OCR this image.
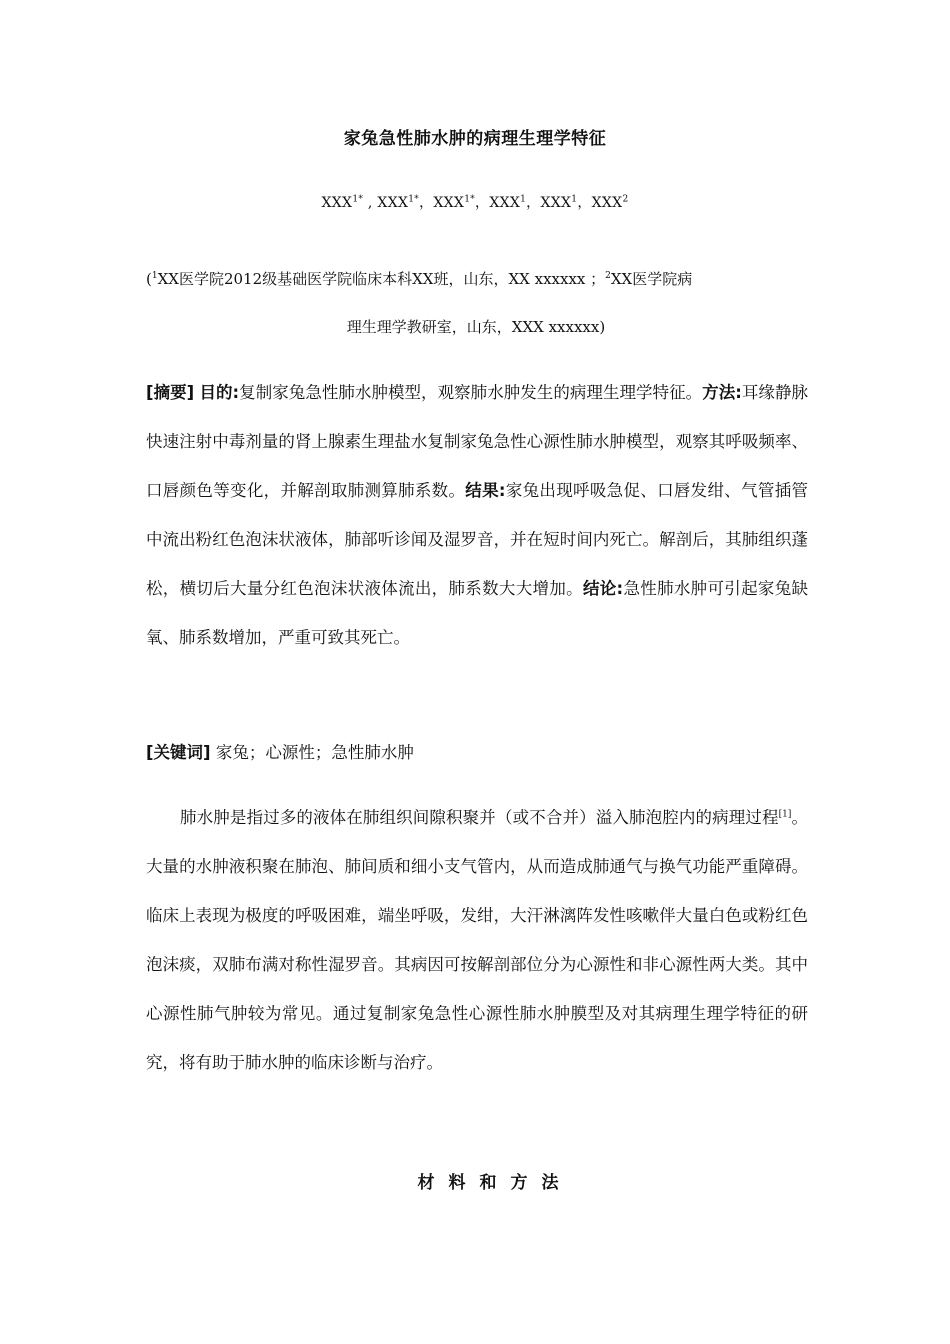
家兔急性肺水肿的病理生理学特征
$XXX^{1*}$ , $XXX^{1*}$，$XXX^{1*}$，XXX$^1$，XXX$^1$，XXX$^2$
($^1$XX医学院2012级基础医学院临床本科XX班，山东，XX xxxxxx ；$^2$XX医学院病
理生理学教研室，山东，XXX xxxxxx)
[摘要] 目的:复制家兔急性肺水肿模型，观察肺水肿发生的病理生理学特征。方法:耳缘静脉快速注射中毒剂量的肾上腺素生理盐水复制家兔急性心源性肺水肿模型，观察其呼吸频率、口唇颜色等变化，并解剖取肺测算肺系数。结果:家兔出现呼吸急促、口唇发绀、气管插管中流出粉红色泡沫状液体，肺部听诊闻及湿罗音，并在短时间内死亡。解剖后，其肺组织蓬松，横切后大量分红色泡沫状液体流出，肺系数大大增加。结论:急性肺水肿可引起家兔缺氧、肺系数增加，严重可致其死亡。
[关键词] 家兔；心源性；急性肺水肿
肺水肿是指过多的液体在肺组织间隙积聚并（或不合并）溢入肺泡腔内的病理过程[1]。大量的水肿液积聚在肺泡、肺间质和细小支气管内，从而造成肺通气与换气功能严重障碍。临床上表现为极度的呼吸困难，端坐呼吸，发绀，大汗淋漓阵发性咳嗽伴大量白色或粉红色泡沫痰，双肺布满对称性湿罗音。其病因可按解剖部位分为心源性和非心源性两大类。其中心源性肺气肿较为常见。通过复制家兔急性心源性肺水肿膜型及对其病理生理学特征的研究，将有助于肺水肿的临床诊断与治疗。
材料和方法
